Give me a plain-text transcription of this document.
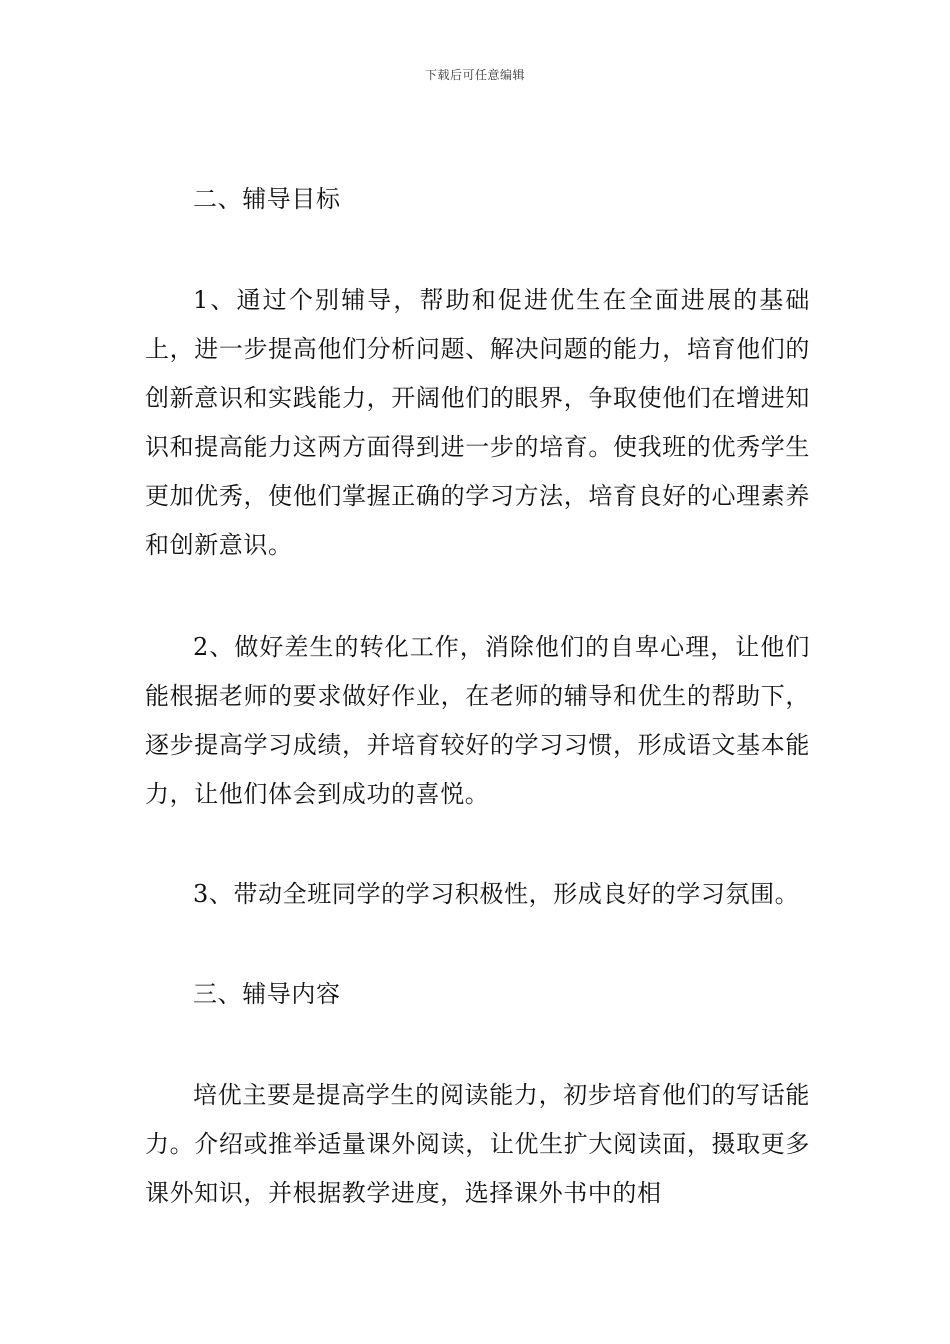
下载后可任意编辑

二、辅导目标

1、通过个别辅导，帮助和促进优生在全面进展的基础上，进一步提高他们分析问题、解决问题的能力，培育他们的创新意识和实践能力，开阔他们的眼界，争取使他们在增进知识和提高能力这两方面得到进一步的培育。使我班的优秀学生更加优秀，使他们掌握正确的学习方法，培育良好的心理素养和创新意识。

2、做好差生的转化工作，消除他们的自卑心理，让他们能根据老师的要求做好作业，在老师的辅导和优生的帮助下，逐步提高学习成绩，并培育较好的学习习惯，形成语文基本能力，让他们体会到成功的喜悦。

3、带动全班同学的学习积极性，形成良好的学习氛围。

三、辅导内容

培优主要是提高学生的阅读能力，初步培育他们的写话能力。介绍或推举适量课外阅读，让优生扩大阅读面，摄取更多课外知识，并根据教学进度，选择课外书中的相
